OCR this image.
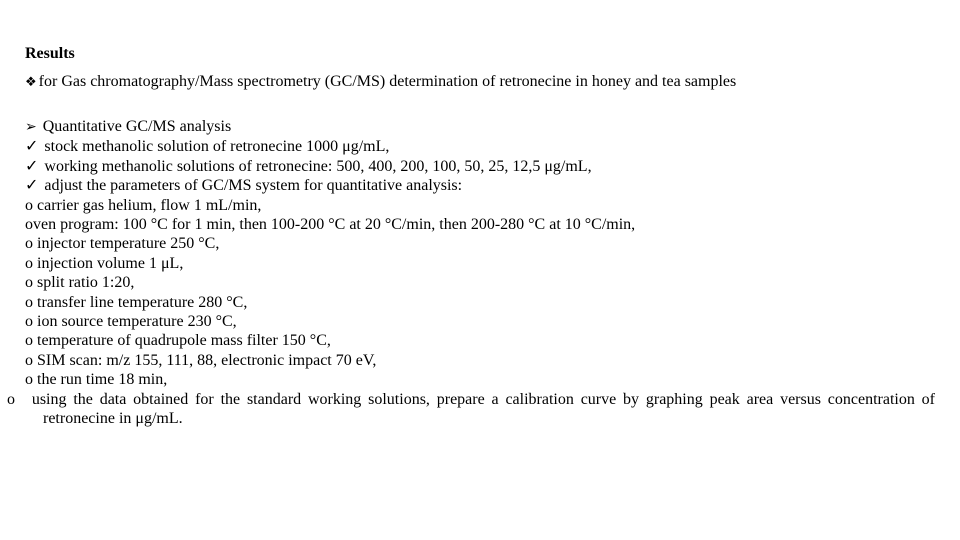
Results
❖ for Gas chromatography/Mass spectrometry (GC/MS) determination of retronecine in honey and tea samples
➢ Quantitative GC/MS analysis
✓ stock methanolic solution of retronecine 1000 μg/mL,
✓ working methanolic solutions of retronecine: 500, 400, 200, 100, 50, 25, 12,5 μg/mL,
✓ adjust the parameters of GC/MS system for quantitative analysis:
o carrier gas helium, flow 1 mL/min,
oven program: 100 °C for 1 min, then 100-200 °C at 20 °C/min, then 200-280 °C at 10 °C/min,
o injector temperature 250 °C,
o injection volume 1 μL,
o split ratio 1:20,
o transfer line temperature 280 °C,
o ion source temperature 230 °C,
o temperature of quadrupole mass filter 150 °C,
o SIM scan: m/z 155, 111, 88, electronic impact 70 eV,
o the run time 18 min,
o using the data obtained for the standard working solutions, prepare a calibration curve by graphing peak area versus concentration of retronecine in μg/mL.
